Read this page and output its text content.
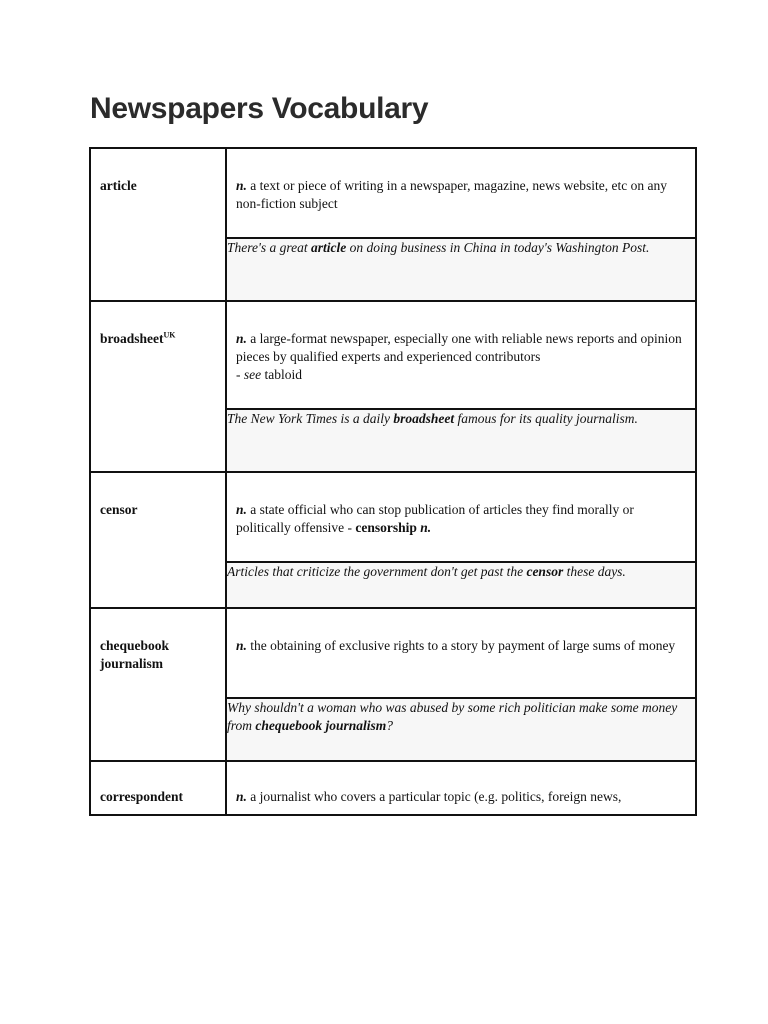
Newspapers Vocabulary
article	n. a text or piece of writing in a newspaper, magazine, news website, etc on any non-fiction subject

	There's a great article on doing business in China in today's Washington Post.

broadsheet$^{UK}$	n. a large-format newspaper, especially one with reliable news reports and opinion pieces by qualified experts and experienced contributors
- see tabloid

	The New York Times is a daily broadsheet famous for its quality journalism.

censor	n. a state official who can stop publication of articles they find morally or politically offensive - censorship n.

	Articles that criticize the government don't get past the censor these days.

chequebook journalism	n. the obtaining of exclusive rights to a story by payment of large sums of money

	Why shouldn't a woman who was abused by some rich politician make some money from chequebook journalism?

correspondent	n. a journalist who covers a particular topic (e.g. politics, foreign news,
